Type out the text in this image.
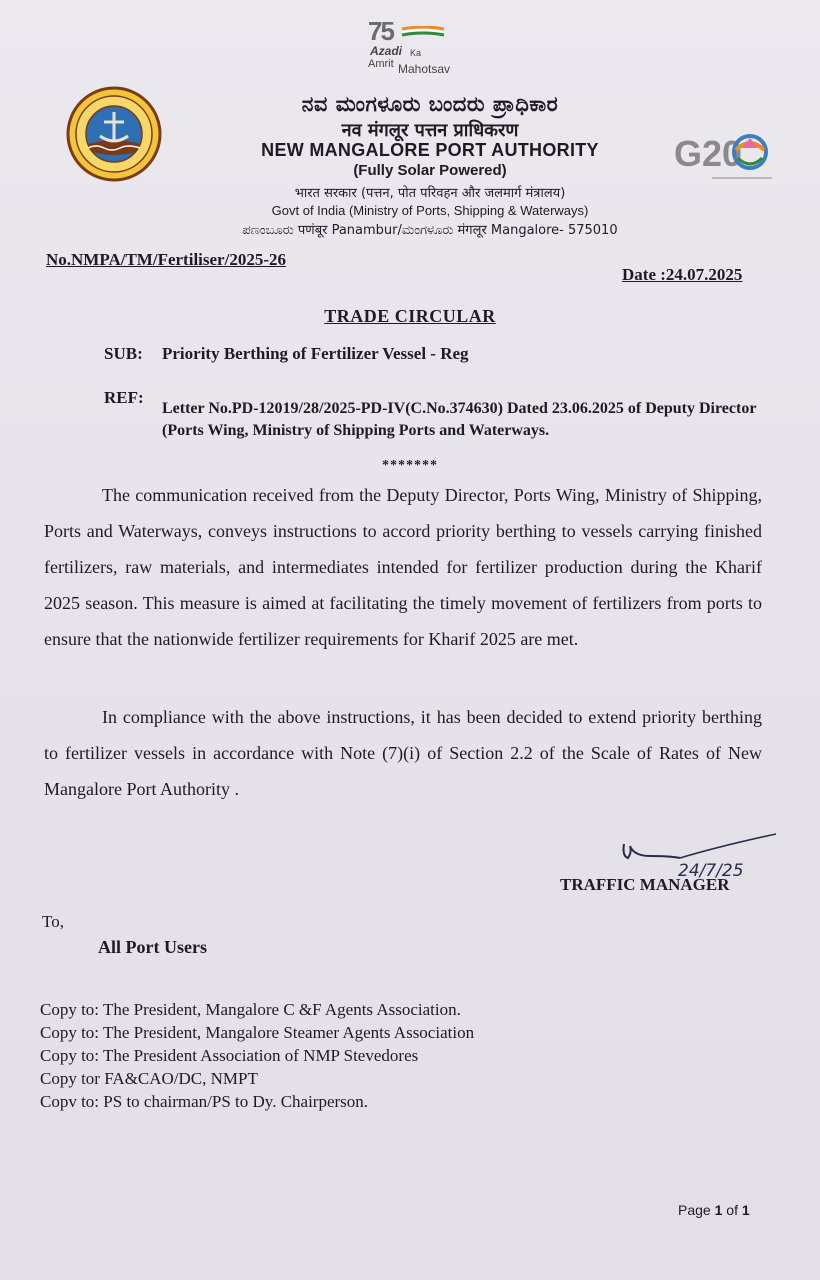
75
Azadi Ka
Amrit Mahotsav
ನವ ಮಂಗಳೂರು ಬಂದರು ಪ್ರಾಧಿಕಾರ
नव मंगलूर पत्तन प्राधिकरण
NEW MANGALORE PORT AUTHORITY
(Fully Solar Powered)
भारत सरकार (पत्तन, पोत परिवहन और जलमार्ग मंत्रालय)
Govt of India (Ministry of Ports, Shipping & Waterways)
ಪಣಂಬೂರು पणंबूर Panambur/ಮಂಗಳೂರು मंगलूर Mangalore- 575010
G20
No.NMPA/TM/Fertiliser/2025-26
Date :24.07.2025
TRADE CIRCULAR
SUB: Priority Berthing of Fertilizer Vessel - Reg
REF:
Letter No.PD-12019/28/2025-PD-IV(C.No.374630) Dated 23.06.2025 of Deputy Director (Ports Wing, Ministry of Shipping Ports and Waterways.
*******
The communication received from the Deputy Director, Ports Wing, Ministry of Shipping, Ports and Waterways, conveys instructions to accord priority berthing to vessels carrying finished fertilizers, raw materials, and intermediates intended for fertilizer production during the Kharif 2025 season. This measure is aimed at facilitating the timely movement of fertilizers from ports to ensure that the nationwide fertilizer requirements for Kharif 2025 are met.
In compliance with the above instructions, it has been decided to extend priority berthing to fertilizer vessels in accordance with Note (7)(i) of Section 2.2 of the Scale of Rates of New Mangalore Port Authority .
24/7/25
TRAFFIC MANAGER
To,
All Port Users
Copy to: The President, Mangalore C &F Agents Association.
Copy to: The President, Mangalore Steamer Agents Association
Copy to: The President Association of NMP Stevedores
Copy tor FA&CAO/DC, NMPT
Copv to: PS to chairman/PS to Dy. Chairperson.
Page 1 of 1
